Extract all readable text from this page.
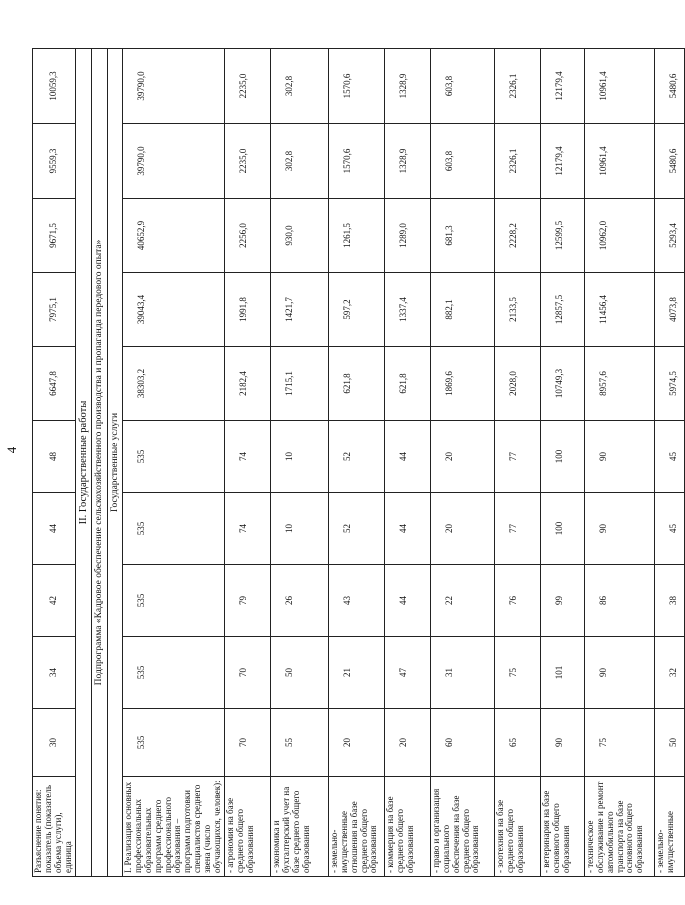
4
Разъяснение понятия: показатель (показатель объема услуги), единица	30	34	42	44	48	6647,8	7975,1	9671,5	9559,3	10059,3
II. Государственные работы										
Подпрограмма «Кадровое обеспечение сельскохозяйственного производства и пропаганда передового опыта»										
Государственные услуги										
I. Реализация основных профессиональных образовательных программ среднего профессионального образования – программ подготовки специалистов среднего звена (число обучающихся, человек):	535	535	535	535	535	38303,2	39043,4	40652,9	39790,0	39790,0
- агрономия на базе среднего общего образования	70	70	79	74	74	2182,4	1991,8	2256,0	2235,0	2235,0
- экономика и бухгалтерский учет на базе среднего общего образования	55	50	26	10	10	1715,1	1421,7	930,0	302,8	302,8
- земельно-имущественные отношения на базе среднего общего образования	20	21	43	52	52	621,8	597,2	1261,5	1570,6	1570,6
- коммерция на базе среднего общего образования	20	47	44	44	44	621,8	1337,4	1289,0	1328,9	1328,9
- право и организация социального обеспечения на базе среднего общего образования	60	31	22	20	20	1869,6	882,1	681,3	603,8	603,8
- зоотехния на базе среднего общего образования	65	75	76	77	77	2028,0	2133,5	2228,2	2326,1	2326,1
- ветеринария на базе основного общего образования	90	101	99	100	100	10749,3	12857,5	12599,5	12179,4	12179,4
- техническое обслуживание и ремонт автомобильного транспорта на базе основного общего образования	75	90	86	90	90	8957,6	11456,4	10962,0	10961,4	10961,4
- земельно-имущественные	50	32	38	45	45	5974,5	4073,8	5293,4	5480,6	5480,6
